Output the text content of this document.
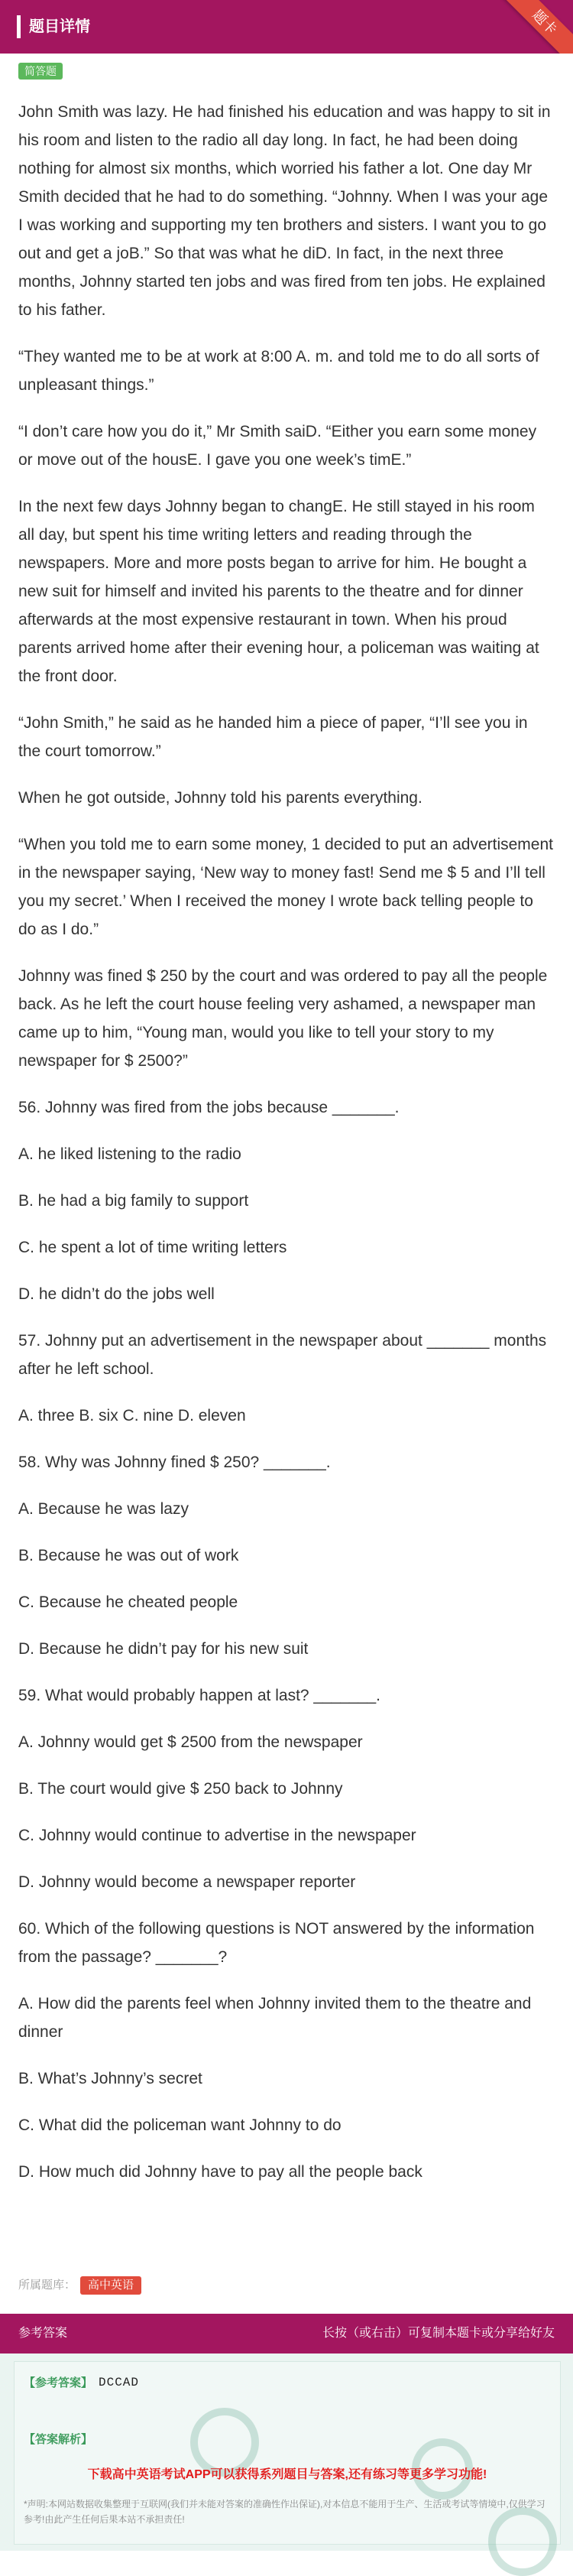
题目详情	题卡
简答题

John Smith was lazy. He had finished his education and was happy to sit in his room and listen to the radio all day long. In fact, he had been doing nothing for almost six months, which worried his father a lot. One day Mr Smith decided that he had to do something. “Johnny. When I was your age I was working and supporting my ten brothers and sisters. I want you to go out and get a joB.” So that was what he diD. In fact, in the next three months, Johnny started ten jobs and was fired from ten jobs. He explained to his father.

“They wanted me to be at work at 8:00 A. m. and told me to do all sorts of unpleasant things.”

“I don’t care how you do it,” Mr Smith saiD. “Either you earn some money or move out of the housE. I gave you one week’s timE.”

In the next few days Johnny began to changE. He still stayed in his room all day, but spent his time writing letters and reading through the newspapers. More and more posts began to arrive for him. He bought a new suit for himself and invited his parents to the theatre and for dinner afterwards at the most expensive restaurant in town. When his proud parents arrived home after their evening hour, a policeman was waiting at the front door.

“John Smith,” he said as he handed him a piece of paper, “I’ll see you in the court tomorrow.”

When he got outside, Johnny told his parents everything.

“When you told me to earn some money, 1 decided to put an advertisement in the newspaper saying, ‘New way to money fast! Send me $ 5 and I’ll tell you my secret.’ When I received the money I wrote back telling people to do as I do.”

Johnny was fined $ 250 by the court and was ordered to pay all the people back. As he left the court house feeling very ashamed, a newspaper man came up to him, “Young man, would you like to tell your story to my newspaper for $ 2500?”

56. Johnny was fired from the jobs because _______.

A. he liked listening to the radio

B. he had a big family to support

C. he spent a lot of time writing letters

D. he didn’t do the jobs well

57. Johnny put an advertisement in the newspaper about _______ months after he left school.

A. three B. six C. nine D. eleven

58. Why was Johnny fined $ 250? _______.

A. Because he was lazy

B. Because he was out of work

C. Because he cheated people

D. Because he didn’t pay for his new suit

59. What would probably happen at last? _______.

A. Johnny would get $ 2500 from the newspaper

B. The court would give $ 250 back to Johnny

C. Johnny would continue to advertise in the newspaper

D. Johnny would become a newspaper reporter

60. Which of the following questions is NOT answered by the information from the passage? _______?

A. How did the parents feel when Johnny invited them to the theatre and dinner

B. What’s Johnny’s secret

C. What did the policeman want Johnny to do

D. How much did Johnny have to pay all the people back

所属题库： 高中英语
参考答案	长按（或右击）可复制本题卡或分享给好友
【参考答案】 DCCAD
【答案解析】
下载高中英语考试APP可以获得系列题目与答案,还有练习等更多学习功能!
*声明:本网站数据收集整理于互联网(我们并未能对答案的准确性作出保证),对本信息不能用于生产、生活或考试等情境中,仅供学习参考!由此产生任何后果本站不承担责任!
